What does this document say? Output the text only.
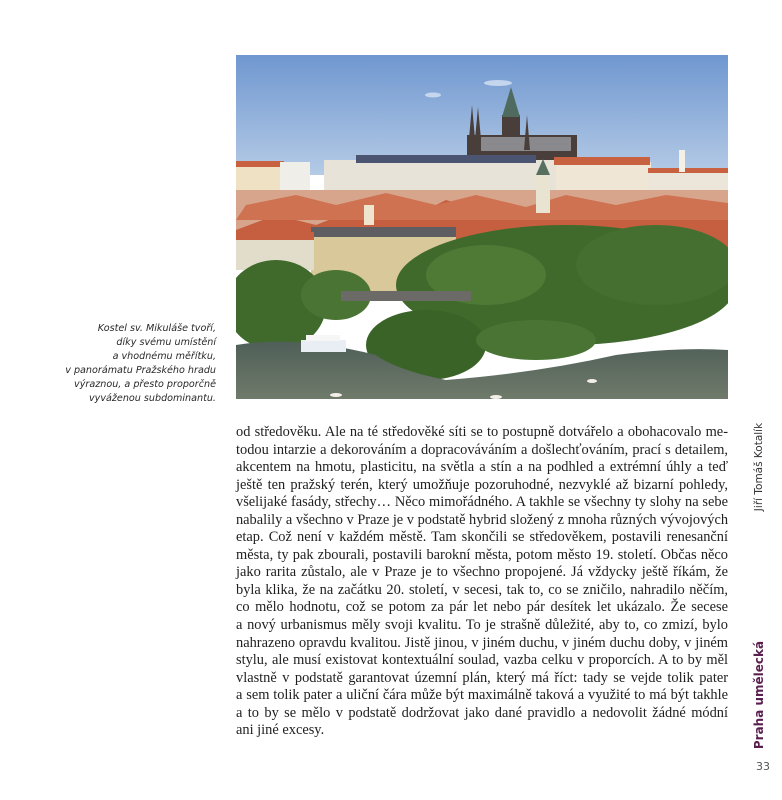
Kostel sv. Mikuláše tvoří,
díky svému umístění
a vhodnému měřítku,
v panorámatu Pražského hradu
výraznou, a přesto proporčně
vyváženou subdominantu.
od středověku. Ale na té středověké síti se to postupně dotvářelo a obohacovalo me-
todou intarzie a dekorováním a dopracováváním a došlechťováním, prací s detailem,
akcentem na hmotu, plasticitu, na světla a stín a na podhled a extrémní úhly a teď
ještě ten pražský terén, který umožňuje pozoruhodné, nezvyklé až bizarní pohledy,
všelijaké fasády, střechy… Něco mimořádného. A takhle se všechny ty slohy na sebe
nabalily a všechno v Praze je v podstatě hybrid složený z mnoha různých vývojových
etap. Což není v každém městě. Tam skončili se středověkem, postavili renesanční
města, ty pak zbourali, postavili barokní města, potom město 19. století. Občas něco
jako rarita zůstalo, ale v Praze je to všechno propojené. Já vždycky ještě říkám, že
byla klika, že na začátku 20. století, v secesi, tak to, co se zničilo, nahradilo něčím,
co mělo hodnotu, což se potom za pár let nebo pár desítek let ukázalo. Že secese
a nový urbanismus měly svoji kvalitu. To je strašně důležité, aby to, co zmizí, bylo
nahrazeno opravdu kvalitou. Jistě jinou, v jiném duchu, v jiném duchu doby, v jiném
stylu, ale musí existovat kontextuální soulad, vazba celku v proporcích. A to by měl
vlastně v podstatě garantovat územní plán, který má říct: tady se vejde tolik pater
a sem tolik pater a uliční čára může být maximálně taková a využité to má být takhle
a to by se mělo v podstatě dodržovat jako dané pravidlo a nedovolit žádné módní
ani jiné excesy.
Jiří Tomáš Kotalík
Praha umělecká
33
